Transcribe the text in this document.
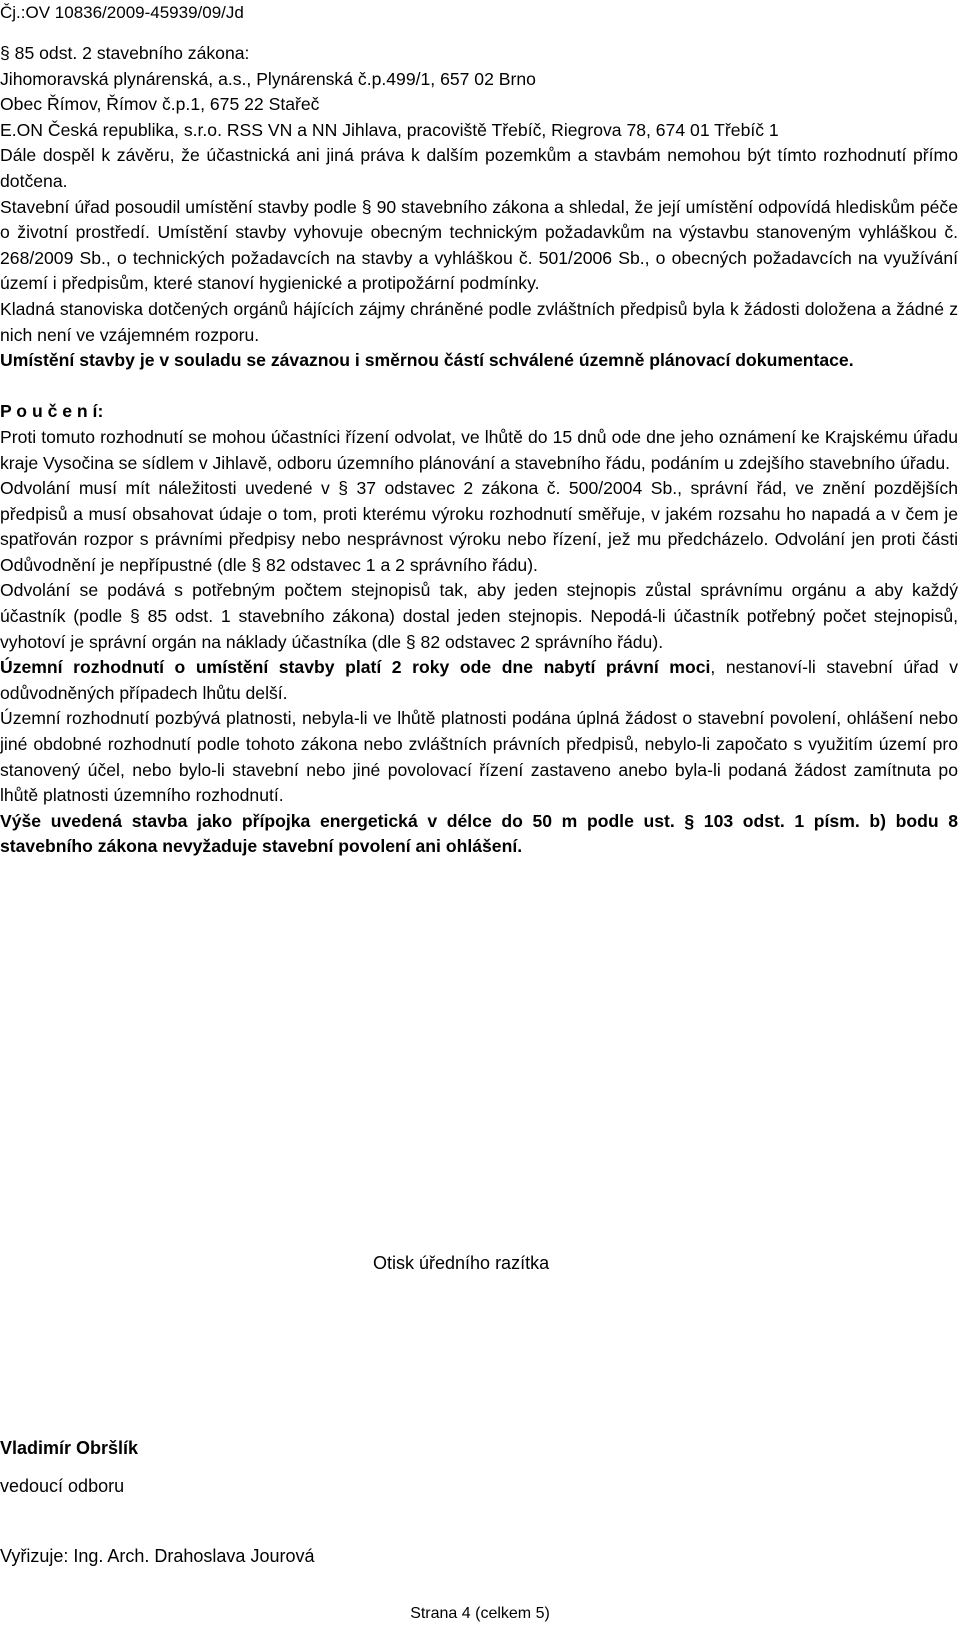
Čj.:OV 10836/2009-45939/09/Jd

§ 85 odst. 2 stavebního zákona:

Jihomoravská plynárenská, a.s., Plynárenská č.p.499/1, 657 02 Brno

Obec Římov, Římov č.p.1, 675 22 Stařeč

E.ON Česká republika, s.r.o. RSS VN a NN Jihlava, pracoviště Třebíč, Riegrova 78, 674 01 Třebíč 1

Dále dospěl k závěru, že účastnická ani jiná práva k dalším pozemkům a stavbám nemohou být tímto rozhodnutí přímo dotčena.

Stavební úřad posoudil umístění stavby podle § 90 stavebního zákona a shledal, že její umístění odpovídá hlediskům péče o životní prostředí. Umístění stavby vyhovuje obecným technickým požadavkům na výstavbu stanoveným vyhláškou č. 268/2009 Sb., o technických požadavcích na stavby a vyhláškou č. 501/2006 Sb., o obecných požadavcích na využívání území i předpisům, které stanoví hygienické a protipožární podmínky.

Kladná stanoviska dotčených orgánů hájících zájmy chráněné podle zvláštních předpisů byla k žádosti doložena a žádné z nich není ve vzájemném rozporu.

Umístění stavby je v souladu se závaznou i směrnou částí schválené územně plánovací dokumentace.

P o u č e n í:

Proti tomuto rozhodnutí se mohou účastníci řízení odvolat, ve lhůtě do 15 dnů ode dne jeho oznámení ke Krajskému úřadu kraje Vysočina se sídlem v Jihlavě, odboru územního plánování a stavebního řádu, podáním u zdejšího stavebního úřadu.

Odvolání musí mít náležitosti uvedené v § 37 odstavec 2 zákona č. 500/2004 Sb., správní řád, ve znění pozdějších předpisů a musí obsahovat údaje o tom, proti kterému výroku rozhodnutí směřuje, v jakém rozsahu ho napadá a v čem je spatřován rozpor s právními předpisy nebo nesprávnost výroku nebo řízení, jež mu předcházelo. Odvolání jen proti části Odůvodnění je nepřípustné (dle § 82 odstavec 1 a 2 správního řádu).

Odvolání se podává s potřebným počtem stejnopisů tak, aby jeden stejnopis zůstal správnímu orgánu a aby každý účastník (podle § 85 odst. 1 stavebního zákona) dostal jeden stejnopis. Nepodá-li účastník potřebný počet stejnopisů, vyhotoví je správní orgán na náklady účastníka (dle § 82 odstavec 2 správního řádu).

Územní rozhodnutí o umístění stavby platí 2 roky ode dne nabytí právní moci, nestanoví-li stavební úřad v odůvodněných případech lhůtu delší.

Územní rozhodnutí pozbývá platnosti, nebyla-li ve lhůtě platnosti podána úplná žádost o stavební povolení, ohlášení nebo jiné obdobné rozhodnutí podle tohoto zákona nebo zvláštních právních předpisů, nebylo-li započato s využitím území pro stanovený účel, nebo bylo-li stavební nebo jiné povolovací řízení zastaveno anebo byla-li podaná žádost zamítnuta po lhůtě platnosti územního rozhodnutí.

Výše uvedená stavba jako přípojka energetická v délce do 50 m podle ust. § 103 odst. 1 písm. b) bodu 8 stavebního zákona nevyžaduje stavební povolení ani ohlášení.

Otisk úředního razítka
Vladimír Obršlík
vedoucí odboru
Vyřizuje: Ing. Arch. Drahoslava Jourová
Strana 4 (celkem 5)
